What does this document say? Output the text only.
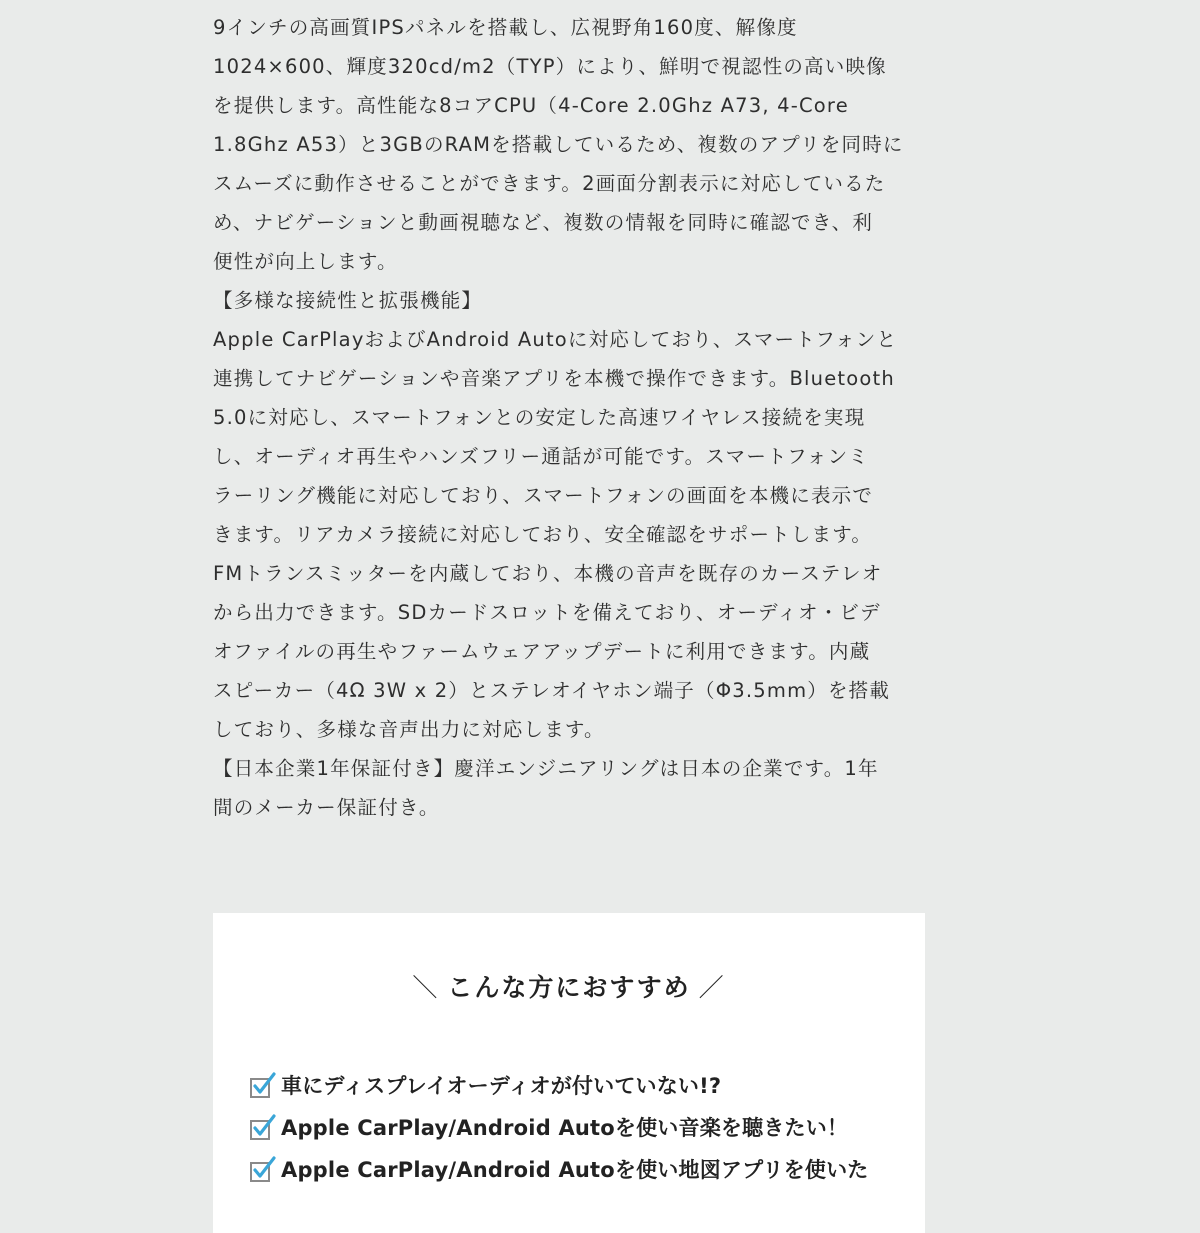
9インチの高画質IPSパネルを搭載し、広視野角160度、解像度
1024×600、輝度320cd/m2（TYP）により、鮮明で視認性の高い映像
を提供します。高性能な8コアCPU（4-Core 2.0Ghz A73, 4-Core
1.8Ghz A53）と3GBのRAMを搭載しているため、複数のアプリを同時に
スムーズに動作させることができます。2画面分割表示に対応しているた
め、ナビゲーションと動画視聴など、複数の情報を同時に確認でき、利
便性が向上します。
【多様な接続性と拡張機能】
Apple CarPlayおよびAndroid Autoに対応しており、スマートフォンと
連携してナビゲーションや音楽アプリを本機で操作できます。Bluetooth
5.0に対応し、スマートフォンとの安定した高速ワイヤレス接続を実現
し、オーディオ再生やハンズフリー通話が可能です。スマートフォンミ
ラーリング機能に対応しており、スマートフォンの画面を本機に表示で
きます。リアカメラ接続に対応しており、安全確認をサポートします。
FMトランスミッターを内蔵しており、本機の音声を既存のカーステレオ
から出力できます。SDカードスロットを備えており、オーディオ・ビデ
オファイルの再生やファームウェアアップデートに利用できます。内蔵
スピーカー（4Ω 3W x 2）とステレオイヤホン端子（Φ3.5mm）を搭載
しており、多様な音声出力に対応します。
【日本企業1年保証付き】慶洋エンジニアリングは日本の企業です。1年
間のメーカー保証付き。
＼ こんな方におすすめ ／
車にディスプレイオーディオが付いていない!?
Apple CarPlay/Android Autoを使い音楽を聴きたい！
Apple CarPlay/Android Autoを使い地図アプリを使いた
